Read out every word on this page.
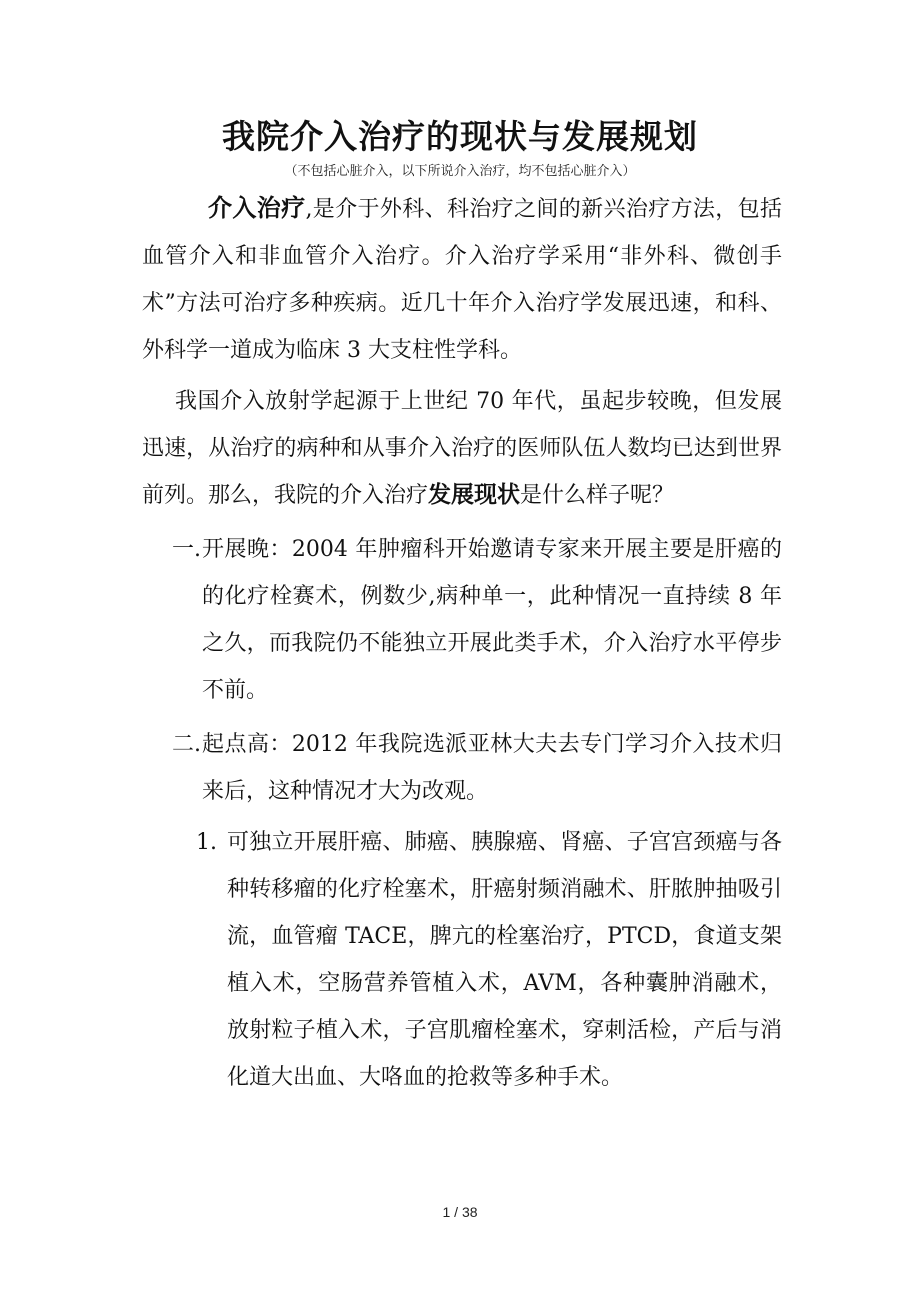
我院介入治疗的现状与发展规划
（不包括心脏介入，以下所说介入治疗，均不包括心脏介入）

介入治疗,是介于外科、科治疗之间的新兴治疗方法，包括血管介入和非血管介入治疗。介入治疗学采用“非外科、微创手术”方法可治疗多种疾病。近几十年介入治疗学发展迅速，和科、外科学一道成为临床 3 大支柱性学科。

我国介入放射学起源于上世纪 70 年代，虽起步较晚，但发展迅速，从治疗的病种和从事介入治疗的医师队伍人数均已达到世界前列。那么，我院的介入治疗发展现状是什么样子呢？

一. 开展晚：2004 年肿瘤科开始邀请专家来开展主要是肝癌的的化疗栓赛术，例数少,病种单一，此种情况一直持续 8 年之久，而我院仍不能独立开展此类手术，介入治疗水平停步不前。

二. 起点高：2012 年我院选派亚林大夫去专门学习介入技术归来后，这种情况才大为改观。

1. 可独立开展肝癌、肺癌、胰腺癌、肾癌、子宫宫颈癌与各种转移瘤的化疗栓塞术，肝癌射频消融术、肝脓肿抽吸引流，血管瘤 TACE，脾亢的栓塞治疗，PTCD，食道支架植入术，空肠营养管植入术，AVM，各种囊肿消融术，放射粒子植入术，子宫肌瘤栓塞术，穿刺活检，产后与消化道大出血、大咯血的抢救等多种手术。

1 / 38
